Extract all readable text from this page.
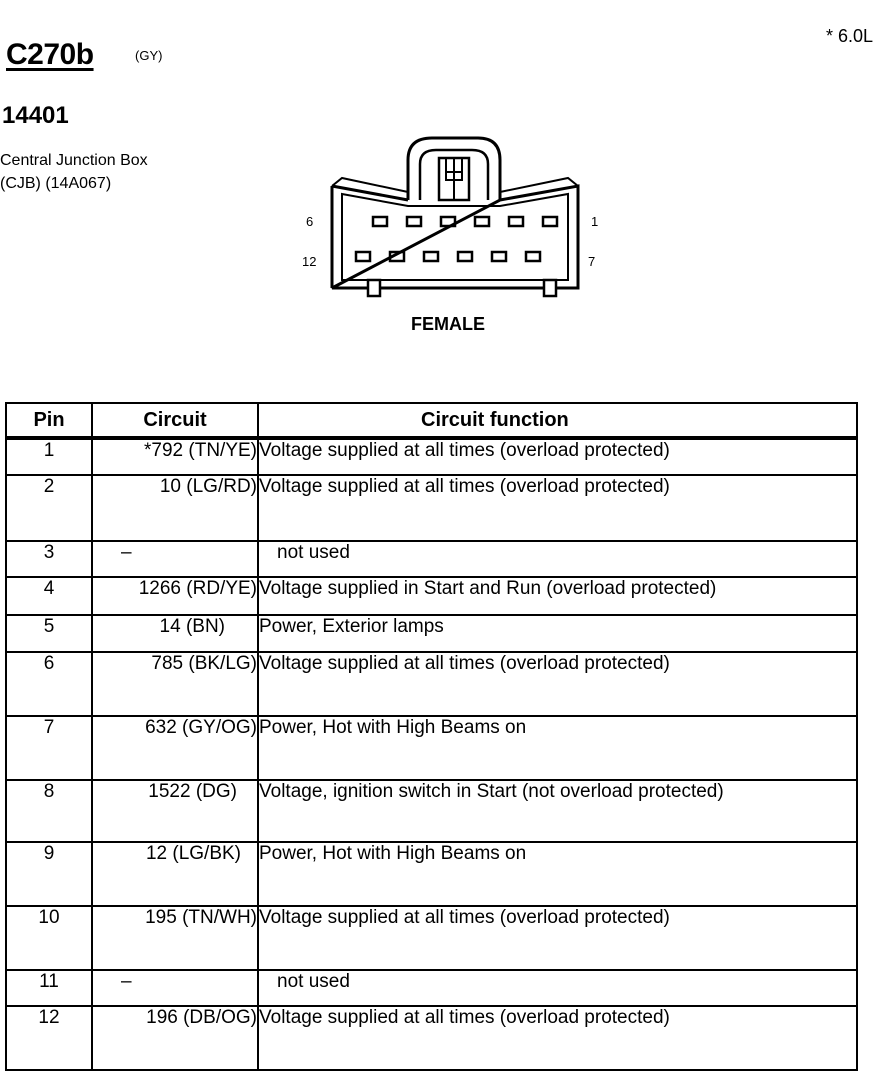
C270b	(GY)
* 6.0L
14401
Central Junction Box
(CJB) (14A067)
6	1
12	7
FEMALE
Pin	Circuit	Circuit function
1	*792 (TN/YE)	Voltage supplied at all times (overload protected)
2	10 (LG/RD)	Voltage supplied at all times (overload protected)
3	–	not used
4	1266 (RD/YE)	Voltage supplied in Start and Run (overload protected)
5	14 (BN)	Power, Exterior lamps
6	785 (BK/LG)	Voltage supplied at all times (overload protected)
7	632 (GY/OG)	Power, Hot with High Beams on
8	1522 (DG)	Voltage, ignition switch in Start (not overload protected)
9	12 (LG/BK)	Power, Hot with High Beams on
10	195 (TN/WH)	Voltage supplied at all times (overload protected)
11	–	not used
12	196 (DB/OG)	Voltage supplied at all times (overload protected)
